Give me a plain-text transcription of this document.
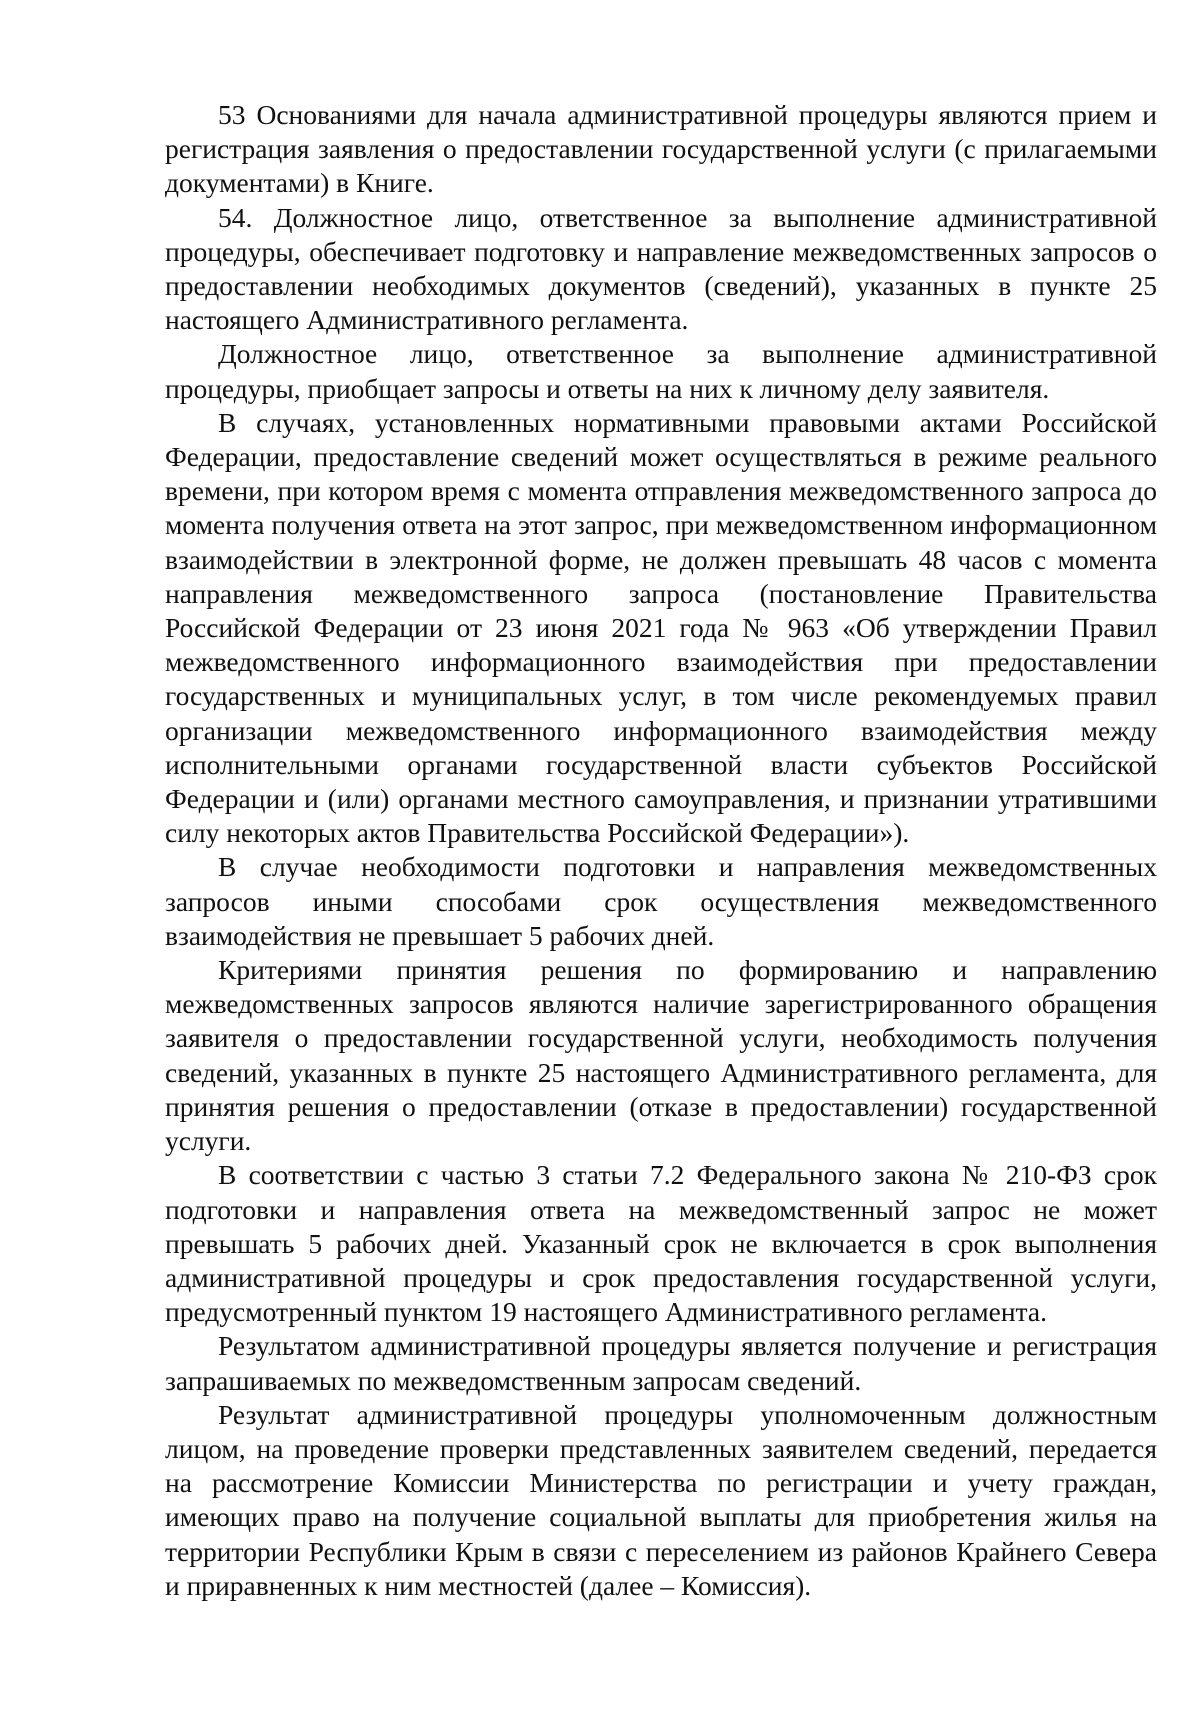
53 Основаниями для начала административной процедуры являются прием и регистрация заявления о предоставлении государственной услуги (с прилагаемыми документами) в Книге.

54. Должностное лицо, ответственное за выполнение административной процедуры, обеспечивает подготовку и направление межведомственных запросов о предоставлении необходимых документов (сведений), указанных в пункте 25 настоящего Административного регламента.

Должностное лицо, ответственное за выполнение административной процедуры, приобщает запросы и ответы на них к личному делу заявителя.

В случаях, установленных нормативными правовыми актами Российской Федерации, предоставление сведений может осуществляться в режиме реального времени, при котором время с момента отправления межведомственного запроса до момента получения ответа на этот запрос, при межведомственном информационном взаимодействии в электронной форме, не должен превышать 48 часов с момента направления межведомственного запроса (постановление Правительства Российской Федерации от 23 июня 2021 года № 963 «Об утверждении Правил межведомственного информационного взаимодействия при предоставлении государственных и муниципальных услуг, в том числе рекомендуемых правил организации межведомственного информационного взаимодействия между исполнительными органами государственной власти субъектов Российской Федерации и (или) органами местного самоуправления, и признании утратившими силу некоторых актов Правительства Российской Федерации»).

В случае необходимости подготовки и направления межведомственных запросов иными способами срок осуществления межведомственного взаимодействия не превышает 5 рабочих дней.

Критериями принятия решения по формированию и направлению межведомственных запросов являются наличие зарегистрированного обращения заявителя о предоставлении государственной услуги, необходимость получения сведений, указанных в пункте 25 настоящего Административного регламента, для принятия решения о предоставлении (отказе в предоставлении) государственной услуги.

В соответствии с частью 3 статьи 7.2 Федерального закона № 210-ФЗ срок подготовки и направления ответа на межведомственный запрос не может превышать 5 рабочих дней. Указанный срок не включается в срок выполнения административной процедуры и срок предоставления государственной услуги, предусмотренный пунктом 19 настоящего Административного регламента.

Результатом административной процедуры является получение и регистрация запрашиваемых по межведомственным запросам сведений.

Результат административной процедуры уполномоченным должностным лицом, на проведение проверки представленных заявителем сведений, передается на рассмотрение Комиссии Министерства по регистрации и учету граждан, имеющих право на получение социальной выплаты для приобретения жилья на территории Республики Крым в связи с переселением из районов Крайнего Севера и приравненных к ним местностей (далее – Комиссия).
